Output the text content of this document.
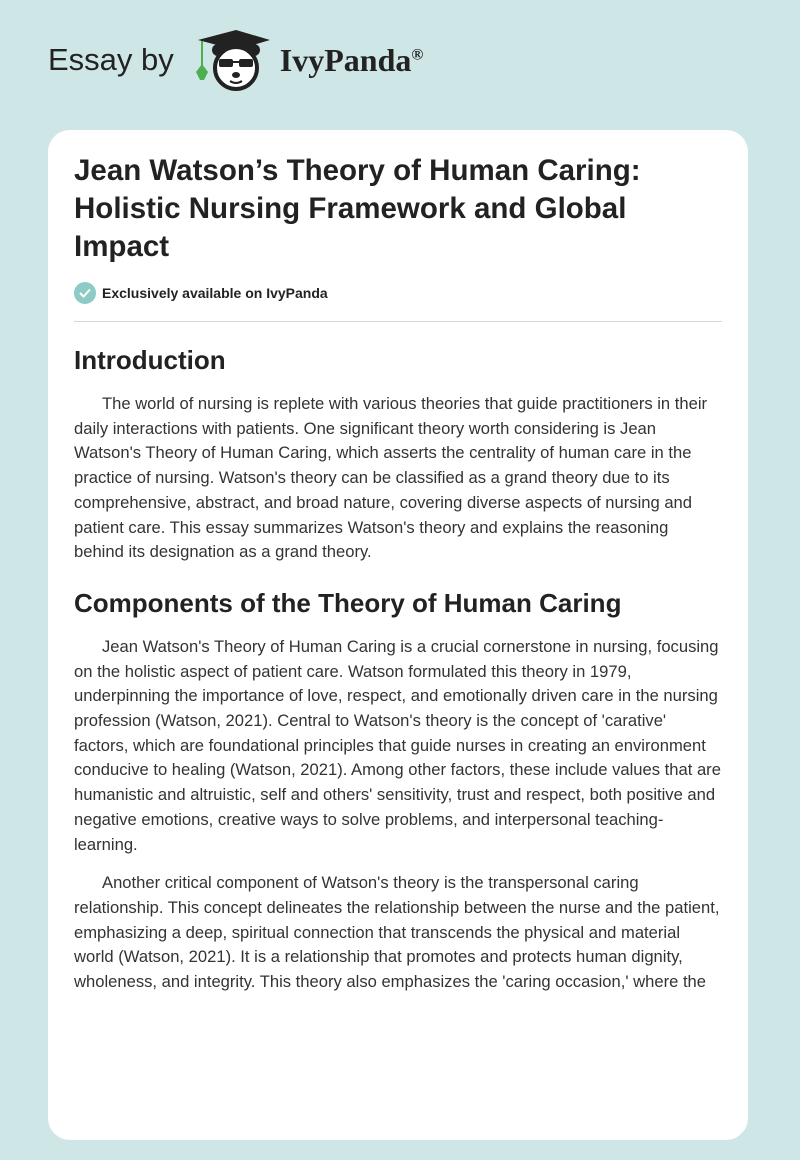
Essay by	IvyPanda®
Jean Watson’s Theory of Human Caring: Holistic Nursing Framework and Global Impact
Exclusively available on IvyPanda
Introduction

The world of nursing is replete with various theories that guide practitioners in their daily interactions with patients. One significant theory worth considering is Jean Watson's Theory of Human Caring, which asserts the centrality of human care in the practice of nursing. Watson's theory can be classified as a grand theory due to its comprehensive, abstract, and broad nature, covering diverse aspects of nursing and patient care. This essay summarizes Watson's theory and explains the reasoning behind its designation as a grand theory.

Components of the Theory of Human Caring

Jean Watson's Theory of Human Caring is a crucial cornerstone in nursing, focusing on the holistic aspect of patient care. Watson formulated this theory in 1979, underpinning the importance of love, respect, and emotionally driven care in the nursing profession (Watson, 2021). Central to Watson's theory is the concept of 'carative' factors, which are foundational principles that guide nurses in creating an environment conducive to healing (Watson, 2021). Among other factors, these include values that are humanistic and altruistic, self and others' sensitivity, trust and respect, both positive and negative emotions, creative ways to solve problems, and interpersonal teaching-learning.

Another critical component of Watson's theory is the transpersonal caring relationship. This concept delineates the relationship between the nurse and the patient, emphasizing a deep, spiritual connection that transcends the physical and material world (Watson, 2021). It is a relationship that promotes and protects human dignity, wholeness, and integrity. This theory also emphasizes the 'caring occasion,' where the
